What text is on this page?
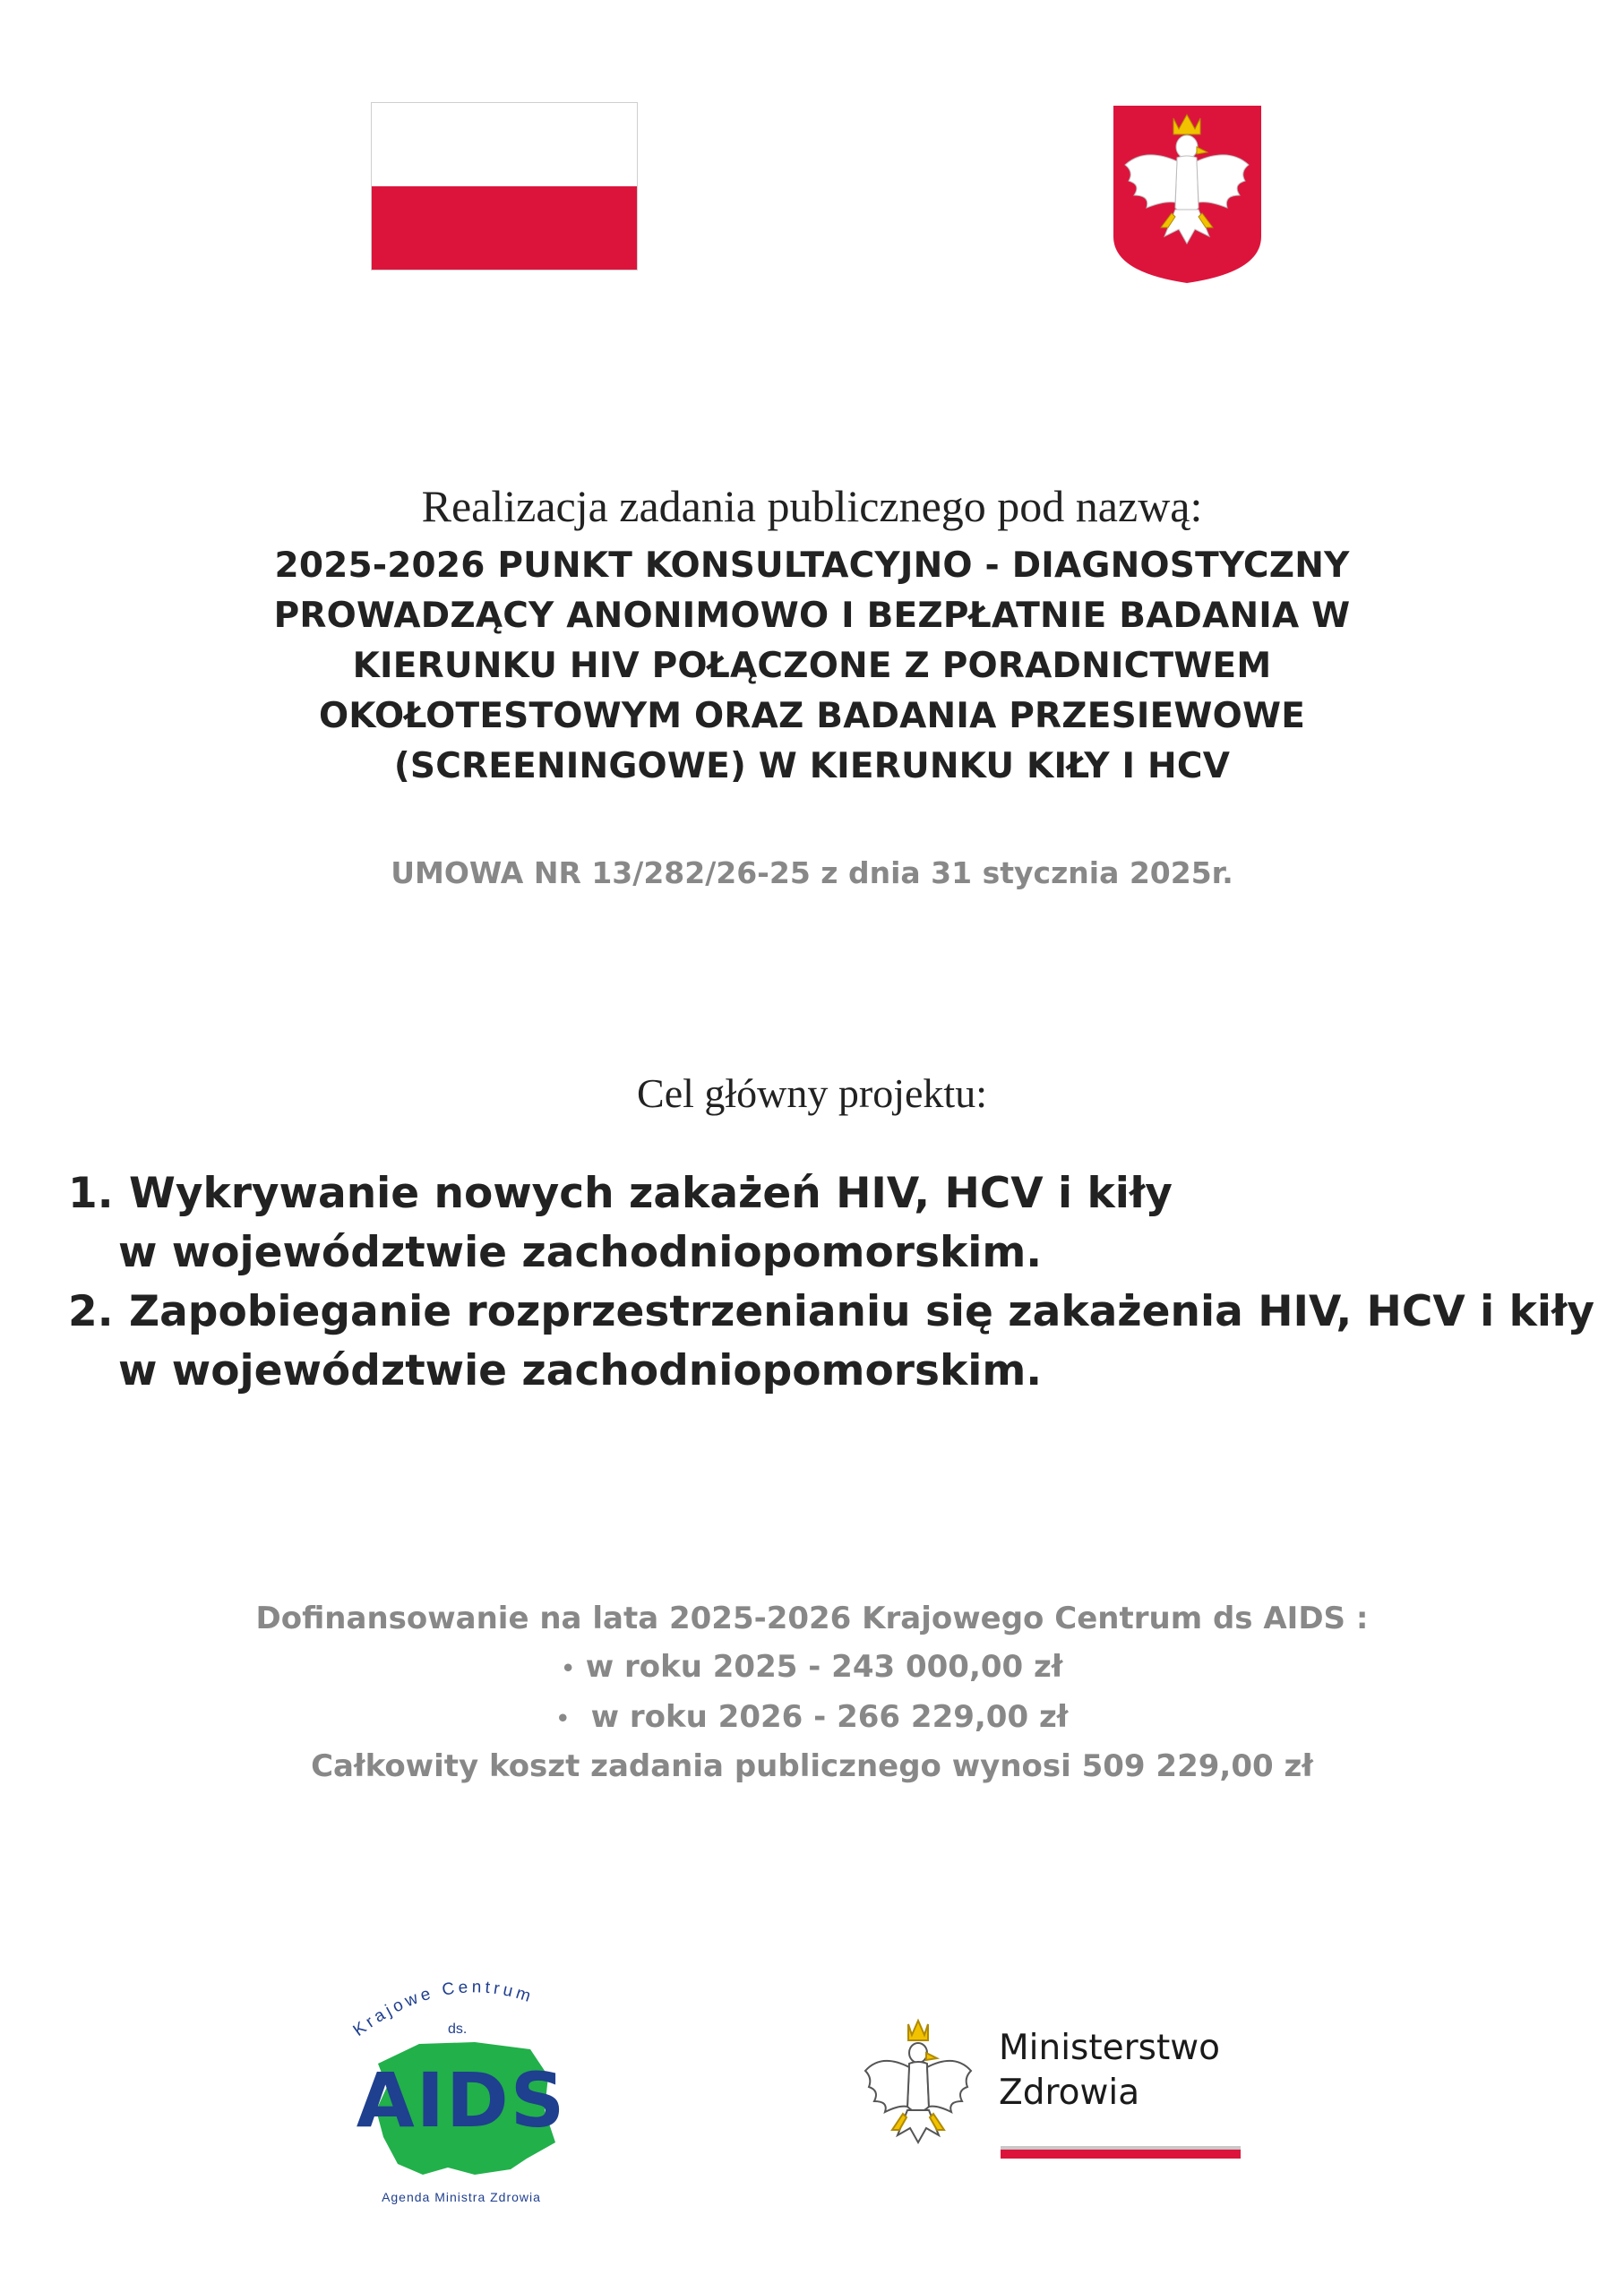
Realizacja zadania publicznego pod nazwą:
2025-2026 PUNKT KONSULTACYJNO - DIAGNOSTYCZNY
PROWADZĄCY ANONIMOWO I BEZPŁATNIE BADANIA W
KIERUNKU HIV POŁĄCZONE Z PORADNICTWEM
OKOŁOTESTOWYM ORAZ BADANIA PRZESIEWOWE
(SCREENINGOWE) W KIERUNKU KIŁY I HCV
UMOWA NR 13/282/26-25 z dnia 31 stycznia 2025r.
Cel główny projektu:
1. Wykrywanie nowych zakażeń HIV, HCV i kiły
w województwie zachodniopomorskim.
2. Zapobieganie rozprzestrzenianiu się zakażenia HIV, HCV i kiły
w województwie zachodniopomorskim.
Dofinansowanie na lata 2025-2026 Krajowego Centrum ds AIDS :
• w roku 2025 - 243 000,00 zł
• w roku 2026 - 266 229,00 zł
Całkowity koszt zadania publicznego wynosi 509 229,00 zł
Krajowe Centrum
ds.
AIDS
Agenda Ministra Zdrowia
Ministerstwo
Zdrowia
